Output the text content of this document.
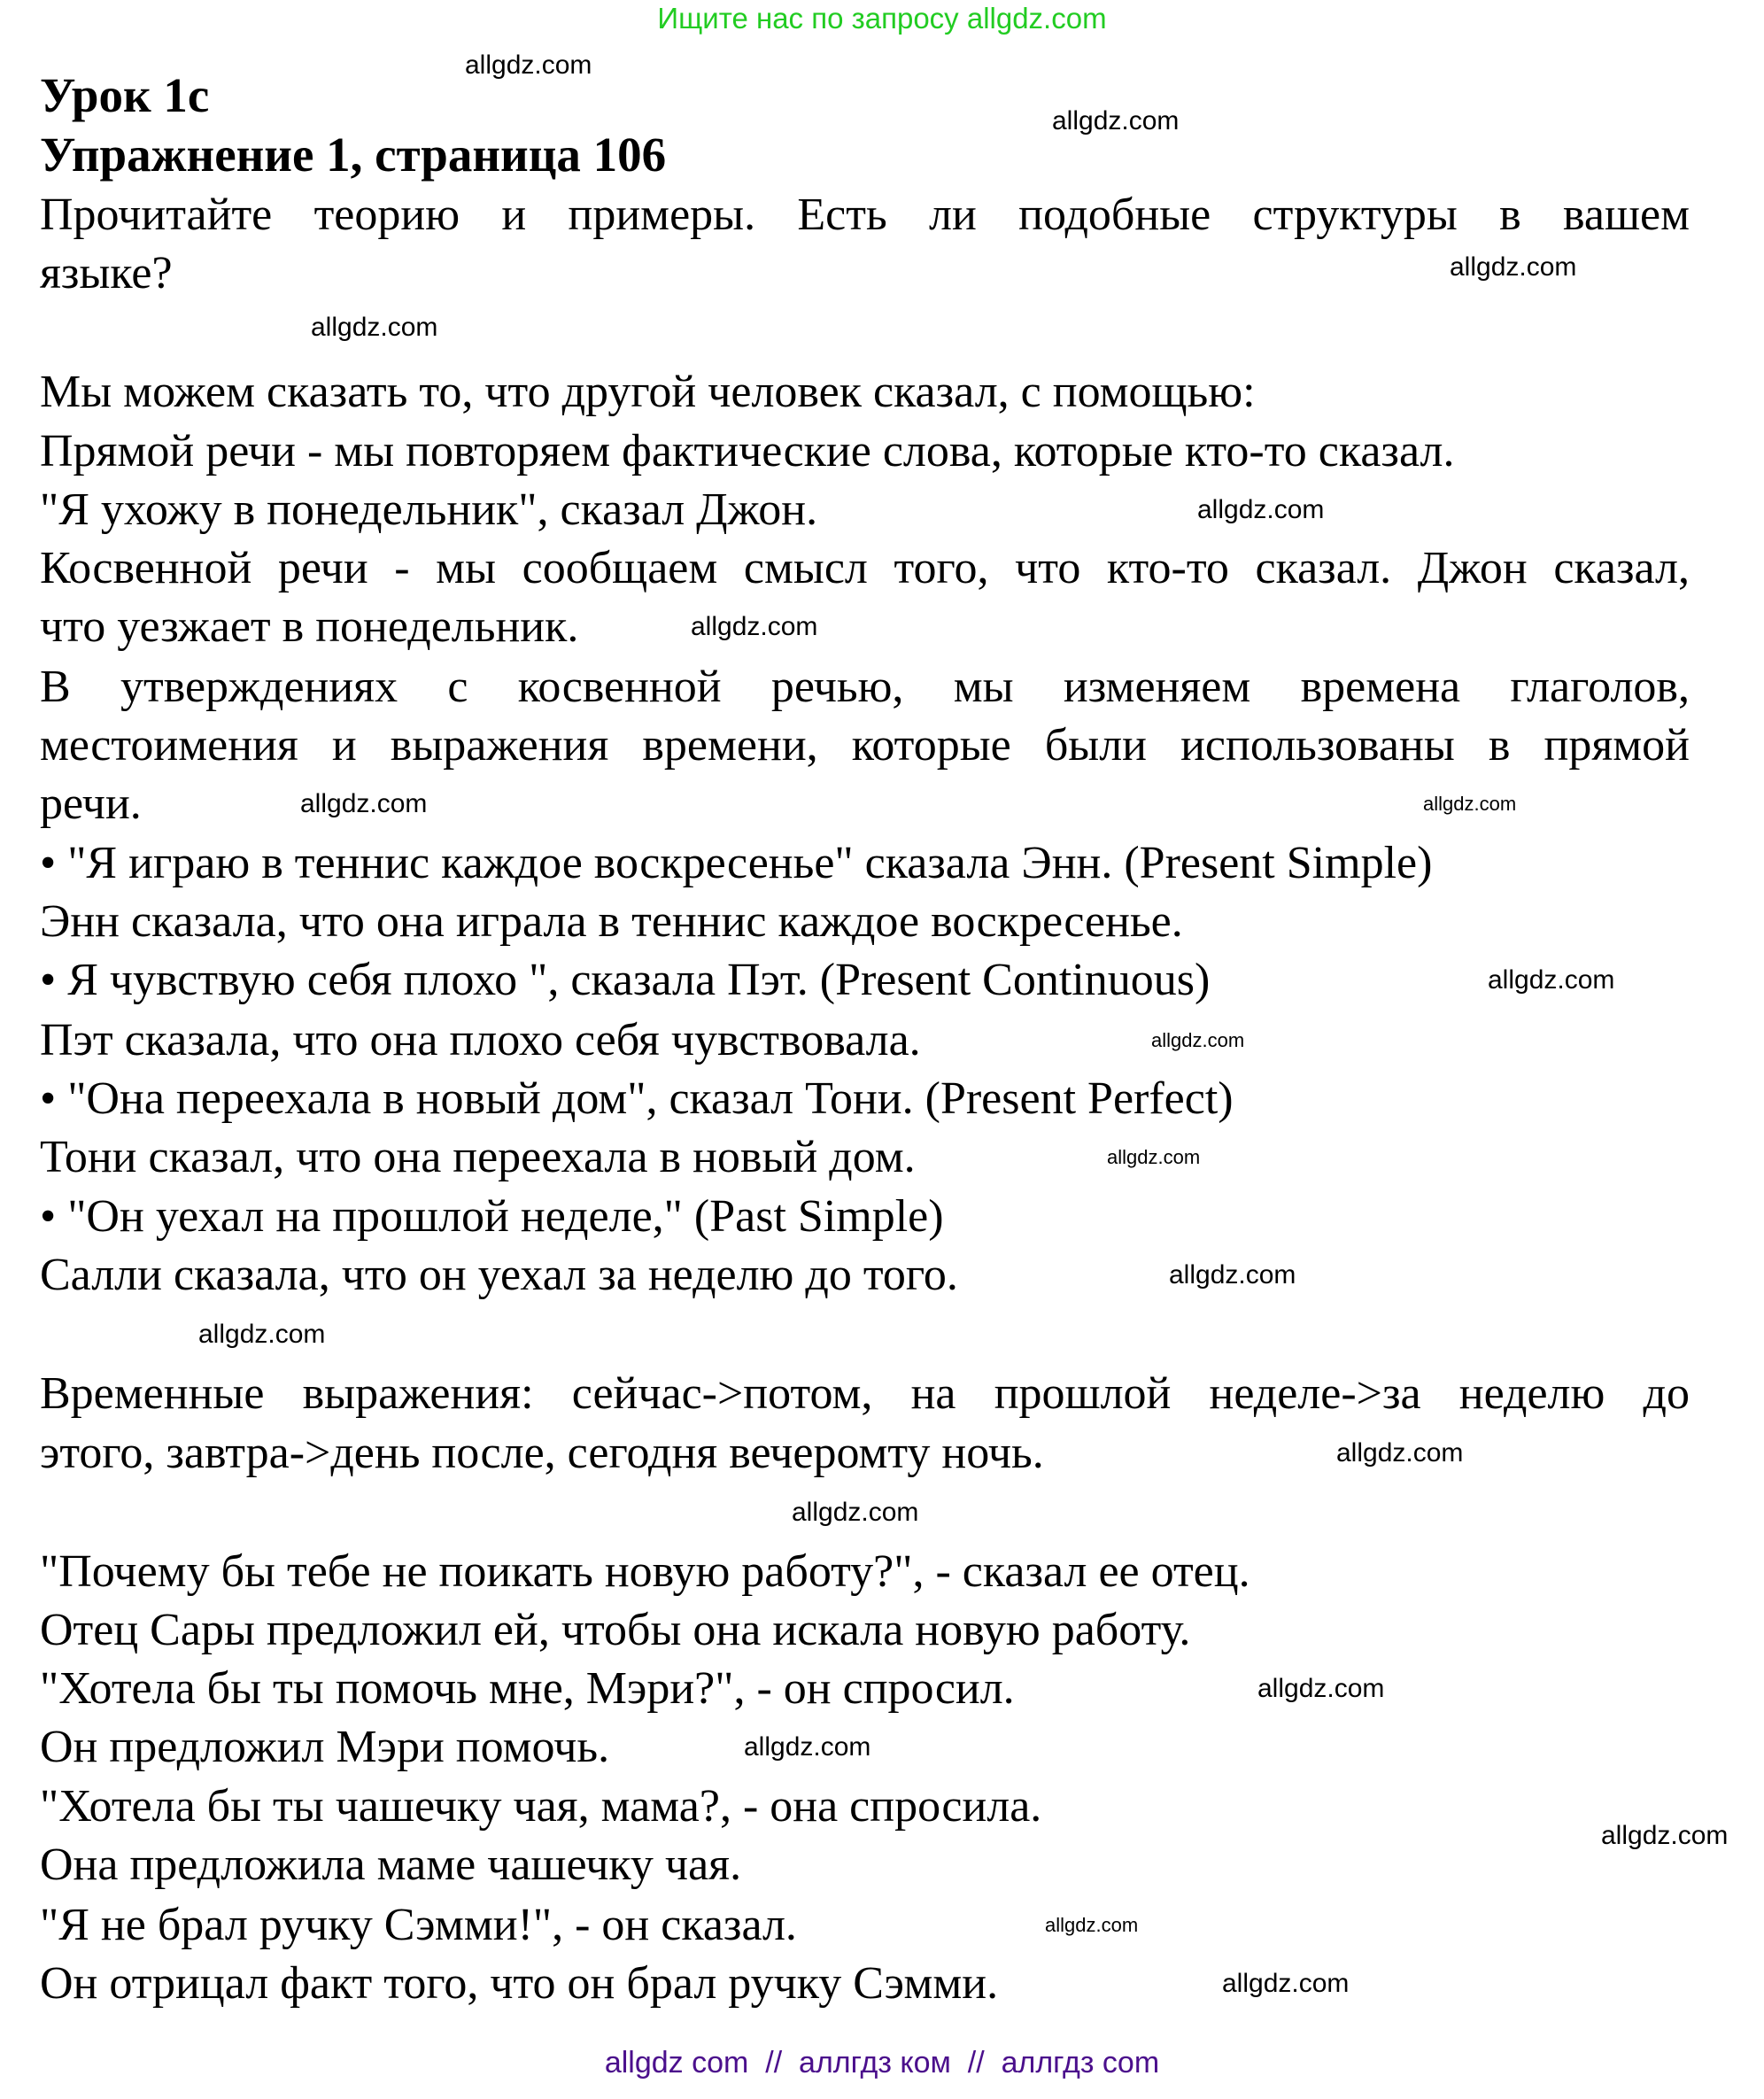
Ищите нас по запросу allgdz.com
Урок 1c
Упражнение 1, страница 106
Прочитайте теорию и примеры. Есть ли подобные структуры в вашем
языке?
Мы можем сказать то, что другой человек сказал, с помощью:
Прямой речи - мы повторяем фактические слова, которые кто-то сказал.
"Я ухожу в понедельник", сказал Джон.
Косвенной речи - мы сообщаем смысл того, что кто-то сказал. Джон сказал,
что уезжает в понедельник.
В утверждениях с косвенной речью, мы изменяем времена глаголов,
местоимения и выражения времени, которые были использованы в прямой
речи.
• "Я играю в теннис каждое воскресенье" сказала Энн. (Present Simple)
Энн сказала, что она играла в теннис каждое воскресенье.
• Я чувствую себя плохо ", сказала Пэт. (Present Continuous)
Пэт сказала, что она плохо себя чувствовала.
• "Она переехала в новый дом", сказал Тони. (Present Perfect)
Тони сказал, что она переехала в новый дом.
• "Он уехал на прошлой неделе," (Past Simple)
Салли сказала, что он уехал за неделю до того.
Временные выражения: сейчас->потом, на прошлой неделе->за неделю до
этого, завтра->день после, сегодня вечеромту ночь.
"Почему бы тебе не поикать новую работу?", - сказал ее отец.
Отец Сары предложил ей, чтобы она искала новую работу.
"Хотела бы ты помочь мне, Мэри?", - он спросил.
Он предложил Мэри помочь.
"Хотела бы ты чашечку чая, мама?, - она спросила.
Она предложила маме чашечку чая.
"Я не брал ручку Сэмми!", - он сказал.
Он отрицал факт того, что он брал ручку Сэмми.
allgdz.com
allgdz.com
allgdz.com
allgdz.com
allgdz.com
allgdz.com
allgdz.com
allgdz.com
allgdz.com
allgdz.com
allgdz.com
allgdz.com
allgdz.com
allgdz.com
allgdz.com
allgdz.com
allgdz.com
allgdz.com
allgdz.com
allgdz.com
allgdz com  //  аллгдз ком  //  аллгдз com
